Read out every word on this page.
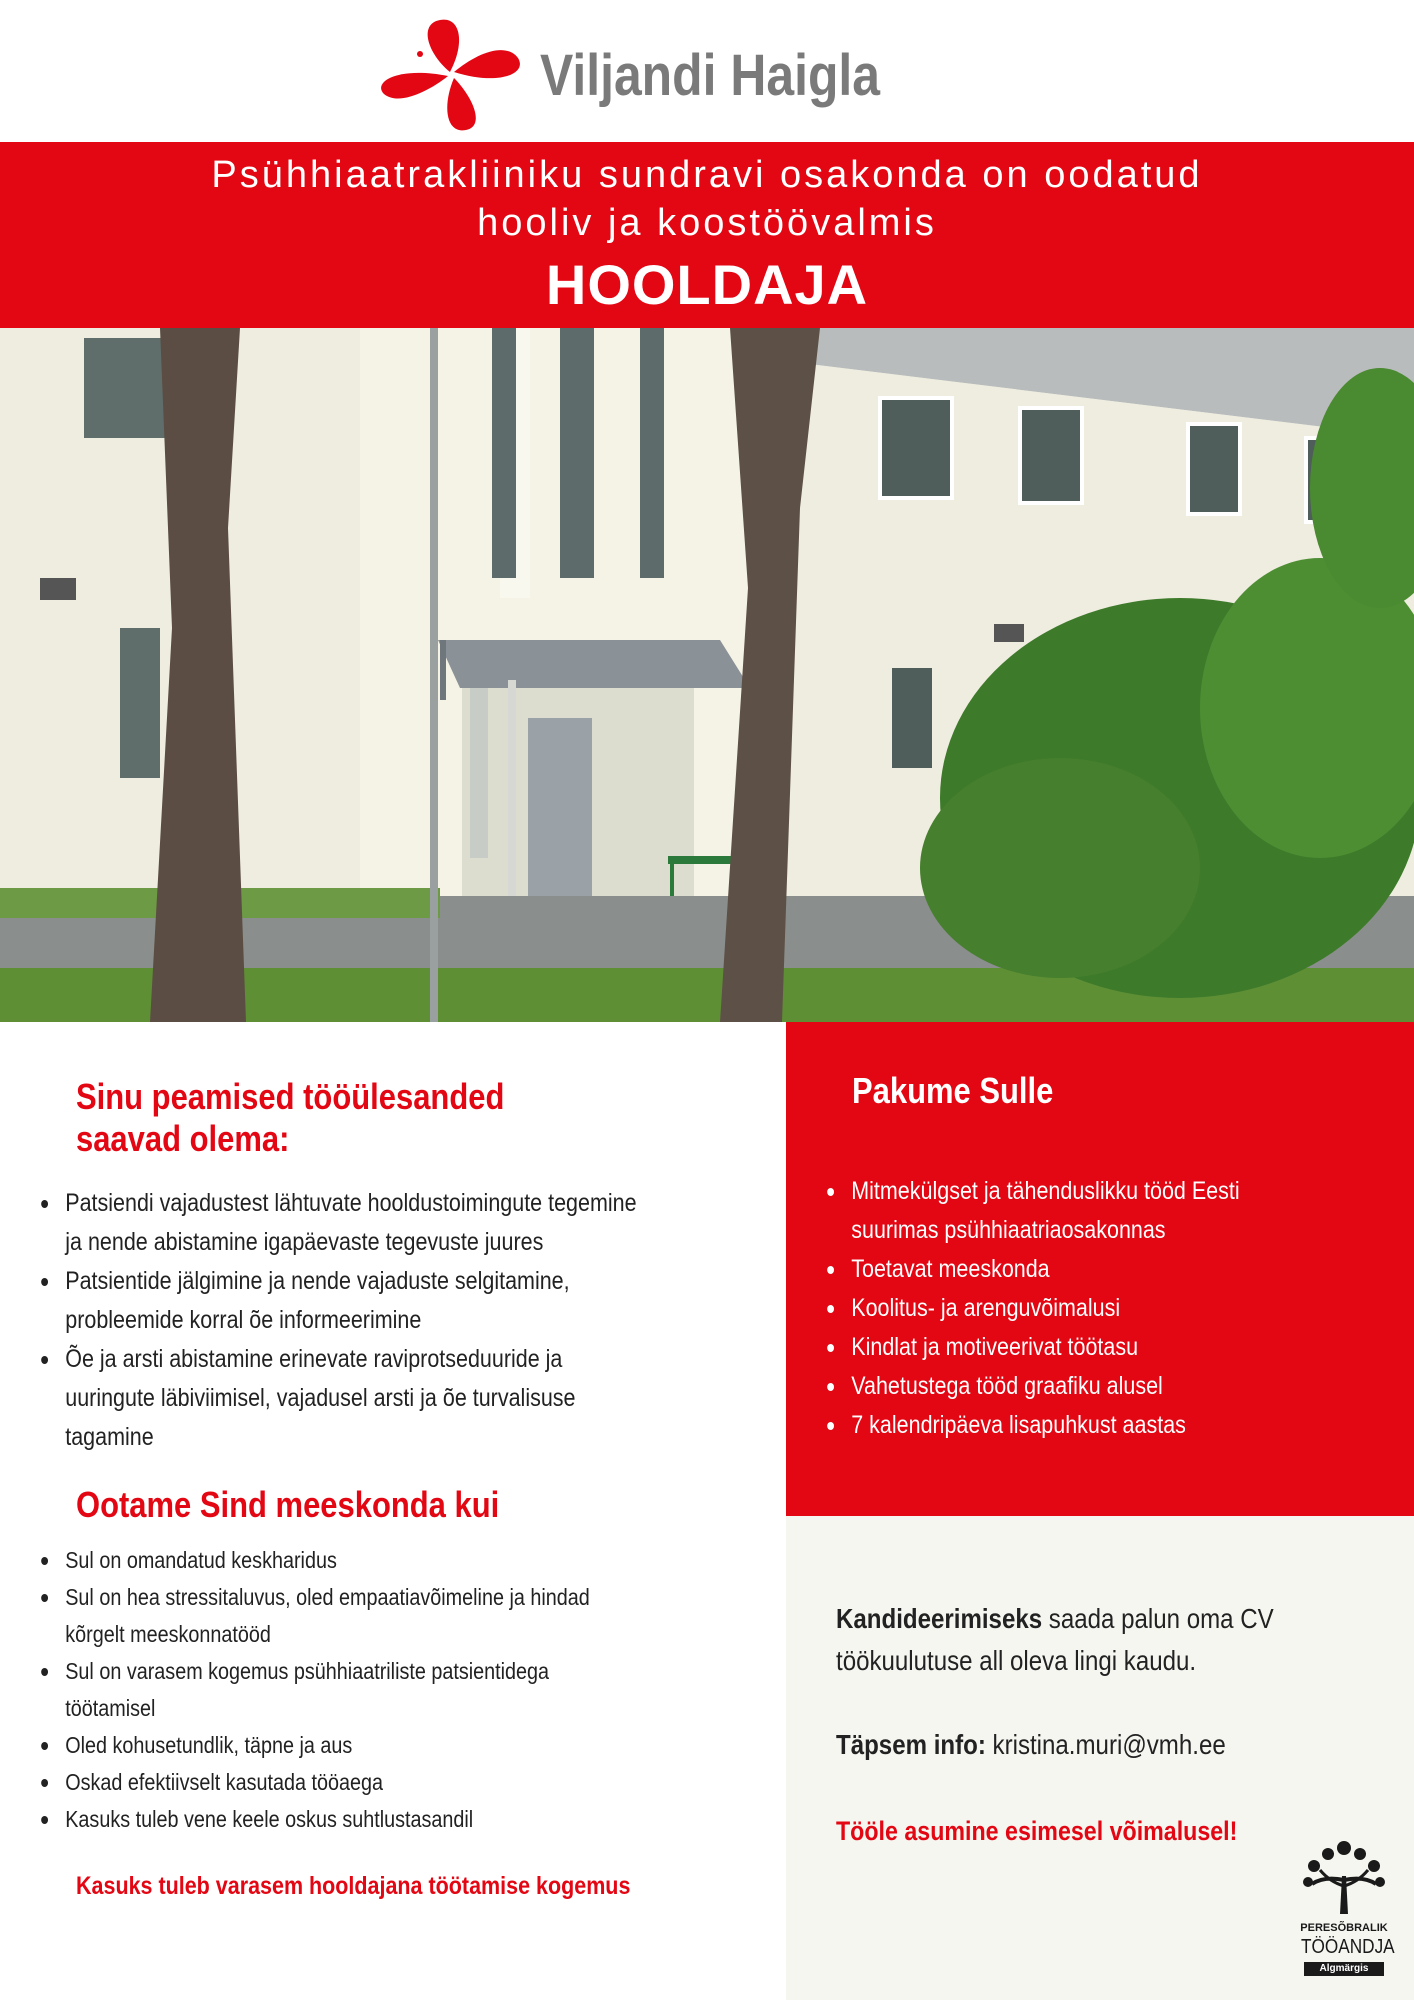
Viljandi Haigla
Psühhiaatrakliiniku sundravi osakonda on oodatud
hooliv ja koostöövalmis
HOOLDAJA
Sinu peamised tööülesanded
saavad olema:
Patsiendi vajadustest lähtuvate hooldustoimingute tegemine
ja nende abistamine igapäevaste tegevuste juures
Patsientide jälgimine ja nende vajaduste selgitamine,
probleemide korral õe informeerimine
Õe ja arsti abistamine erinevate raviprotseduuride ja
uuringute läbiviimisel, vajadusel arsti ja õe turvalisuse
tagamine
Ootame Sind meeskonda kui
Sul on omandatud keskharidus
Sul on hea stressitaluvus, oled empaatiavõimeline ja hindad
kõrgelt meeskonnatööd
Sul on varasem kogemus psühhiaatriliste patsientidega
töötamisel
Oled kohusetundlik, täpne ja aus
Oskad efektiivselt kasutada tööaega
Kasuks tuleb vene keele oskus suhtlustasandil
Kasuks tuleb varasem hooldajana töötamise kogemus
Pakume Sulle
Mitmekülgset ja tähenduslikku tööd Eesti
suurimas psühhiaatriaosakonnas
Toetavat meeskonda
Koolitus- ja arenguvõimalusi
Kindlat ja motiveerivat töötasu
Vahetustega tööd graafiku alusel
7 kalendripäeva lisapuhkust aastas
Kandideerimiseks saada palun oma CV
töökuulutuse all oleva lingi kaudu.
Täpsem info: kristina.muri@vmh.ee
Tööle asumine esimesel võimalusel!
PERESÕBRALIK
TÖÖANDJA
Algmärgis
